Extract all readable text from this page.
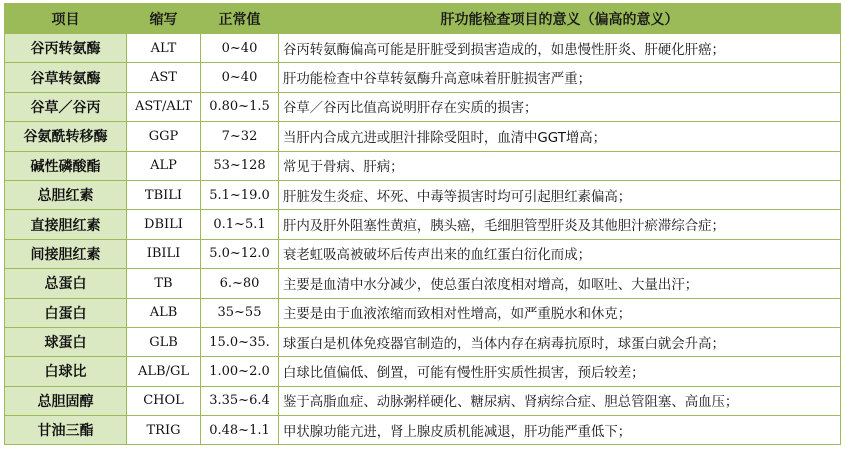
项目	缩写	正常值	肝功能检查项目的意义（偏高的意义）
谷丙转氨酶	ALT	0~40	谷丙转氨酶偏高可能是肝脏受到损害造成的，如患慢性肝炎、肝硬化肝癌；
谷草转氨酶	AST	0~40	肝功能检查中谷草转氨酶升高意味着肝脏损害严重；
谷草／谷丙	AST/ALT	0.80~1.5	谷草／谷丙比值高说明肝存在实质的损害；
谷氨酰转移酶	GGP	7~32	当肝内合成亢进或胆汁排除受阻时，血清中GGT增高；
碱性磷酸酯	ALP	53~128	常见于骨病、肝病；
总胆红素	TBILI	5.1~19.0	肝脏发生炎症、坏死、中毒等损害时均可引起胆红素偏高；
直接胆红素	DBILI	0.1~5.1	肝内及肝外阻塞性黄疸，胰头癌，毛细胆管型肝炎及其他胆汁瘀滞综合症；
间接胆红素	IBILI	5.0~12.0	衰老虹吸高被破坏后传声出来的血红蛋白衍化而成；
总蛋白	TB	6.~80	主要是血清中水分减少，使总蛋白浓度相对增高，如呕吐、大量出汗；
白蛋白	ALB	35~55	主要是由于血液浓缩而致相对性增高，如严重脱水和休克；
球蛋白	GLB	15.0~35.	球蛋白是机体免疫器官制造的，当体内存在病毒抗原时，球蛋白就会升高；
白球比	ALB/GL	1.00~2.0	白球比值偏低、倒置，可能有慢性肝实质性损害，预后较差；
总胆固醇	CHOL	3.35~6.4	鉴于高脂血症、动脉粥样硬化、糖尿病、肾病综合症、胆总管阻塞、高血压；
甘油三酯	TRIG	0.48~1.1	甲状腺功能亢进，肾上腺皮质机能减退，肝功能严重低下；
